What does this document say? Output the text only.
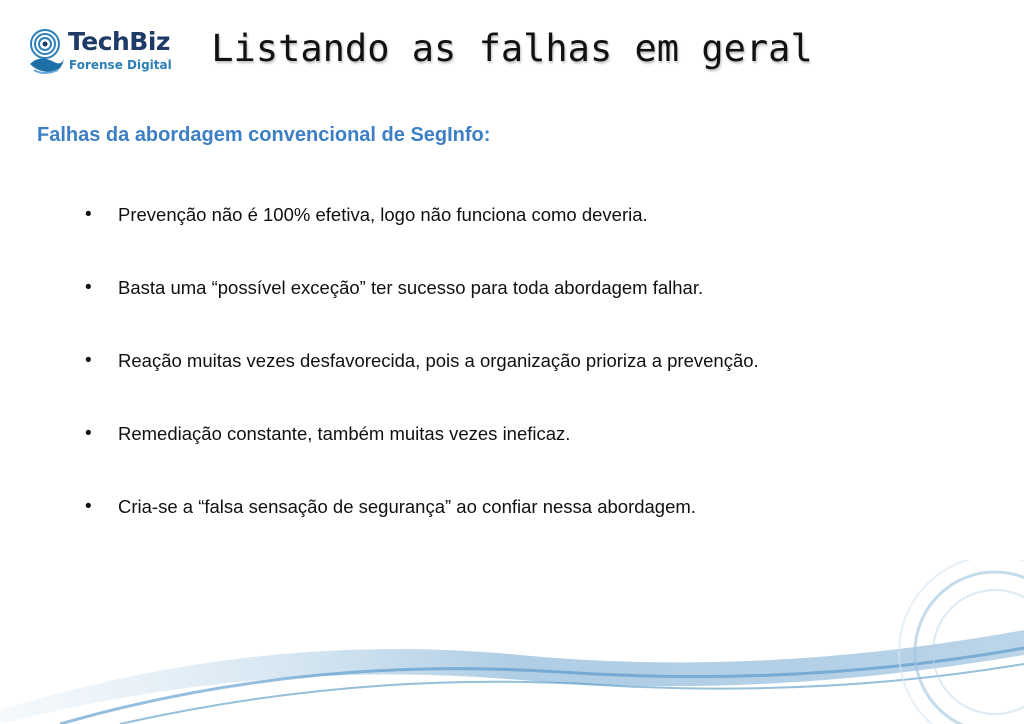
TechBiz
Forense Digital	Listando as falhas em geral
Falhas da abordagem convencional de SegInfo:
•	Prevenção não é 100% efetiva, logo não funciona como deveria.
•	Basta uma “possível exceção” ter sucesso para toda abordagem falhar.
•	Reação muitas vezes desfavorecida, pois a organização prioriza a prevenção.
•	Remediação constante, também muitas vezes ineficaz.
•	Cria-se a “falsa sensação de segurança” ao confiar nessa abordagem.
